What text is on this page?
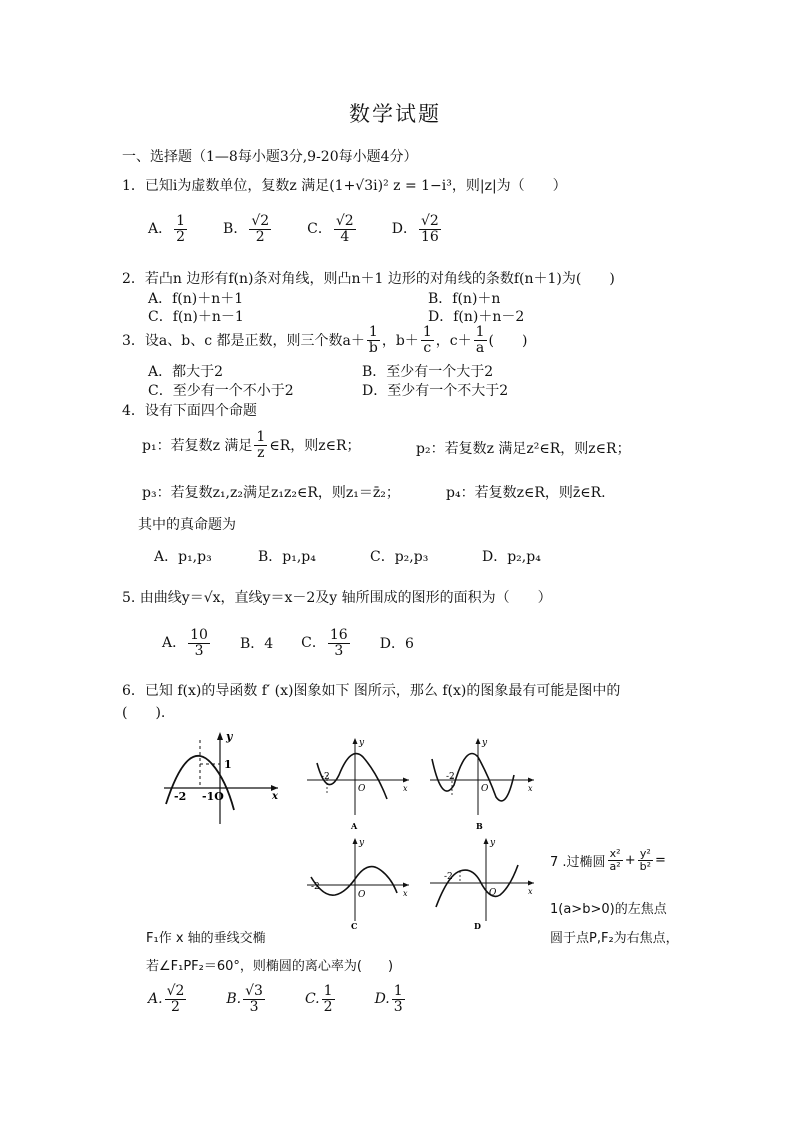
数学试题
一、选择题（1—8每小题3分,9-20每小题4分）
1．已知i为虚数单位，复数z 满足(1+√3i)² z = 1−i³，则|z|为（　　）
A． $\frac{1}{2}$	B． $\frac{√2}{2}$	C． $\frac{√2}{4}$	D． $\frac{√2}{16}$
2．若凸n 边形有f(n)条对角线，则凸n＋1 边形的对角线的条数f(n＋1)为(　　)
A．f(n)＋n＋1	B．f(n)＋n
C．f(n)＋n－1	D．f(n)＋n－2
3．设a、b、c 都是正数，则三个数 $a+ \frac{1}{b}$ ，$b+ \frac{1}{c}$ ，$c+ \frac{1}{a}$ (　　)
A．都大于2	B．至少有一个大于2
C．至少有一个不小于2	D．至少有一个不大于2
4．设有下面四个命题
p₁：若复数z 满足 $\frac{1}{z}$ ∈R，则z∈R；	p₂：若复数z 满足z²∈R，则z∈R；
p₃：若复数z₁,z₂满足z₁z₂∈R，则z₁＝z̄₂；	p₄：若复数z∈R，则z̄∈R.
其中的真命题为
A．p₁,p₃	B．p₁,p₄	C．p₂,p₃	D．p₂,p₄
5. 由曲线y＝√x，直线y＝x－2及y 轴所围成的图形的面积为（　　）
A． $\frac{10}{3}$ B．4 C． $\frac{16}{3}$ D．6
6．已知 f(x)的导函数 f′ (x)图象如下 图所示，那么 f(x)的图象最有可能是图中的
(　　).
y
x
1
-2 -1O
y
x
O
-2
A
y
x
O
-2
B
y
x
O
-2
C
y
x
O
-2
D
7 .过椭圆 $\frac{\text{x²}}{\text{a²}} + \frac{\text{y²}}{\text{b²}}$ =
1(a>b>0)的左焦点
F₁作 x 轴的垂线交椭	圆于点P,F₂为右焦点，
若∠F₁PF₂＝60°，则椭圆的离心率为(　　)
A. $\frac{√2}{2}$	B. $\frac{√3}{3}$	C. $\frac{1}{2}$	D. $\frac{1}{3}$
